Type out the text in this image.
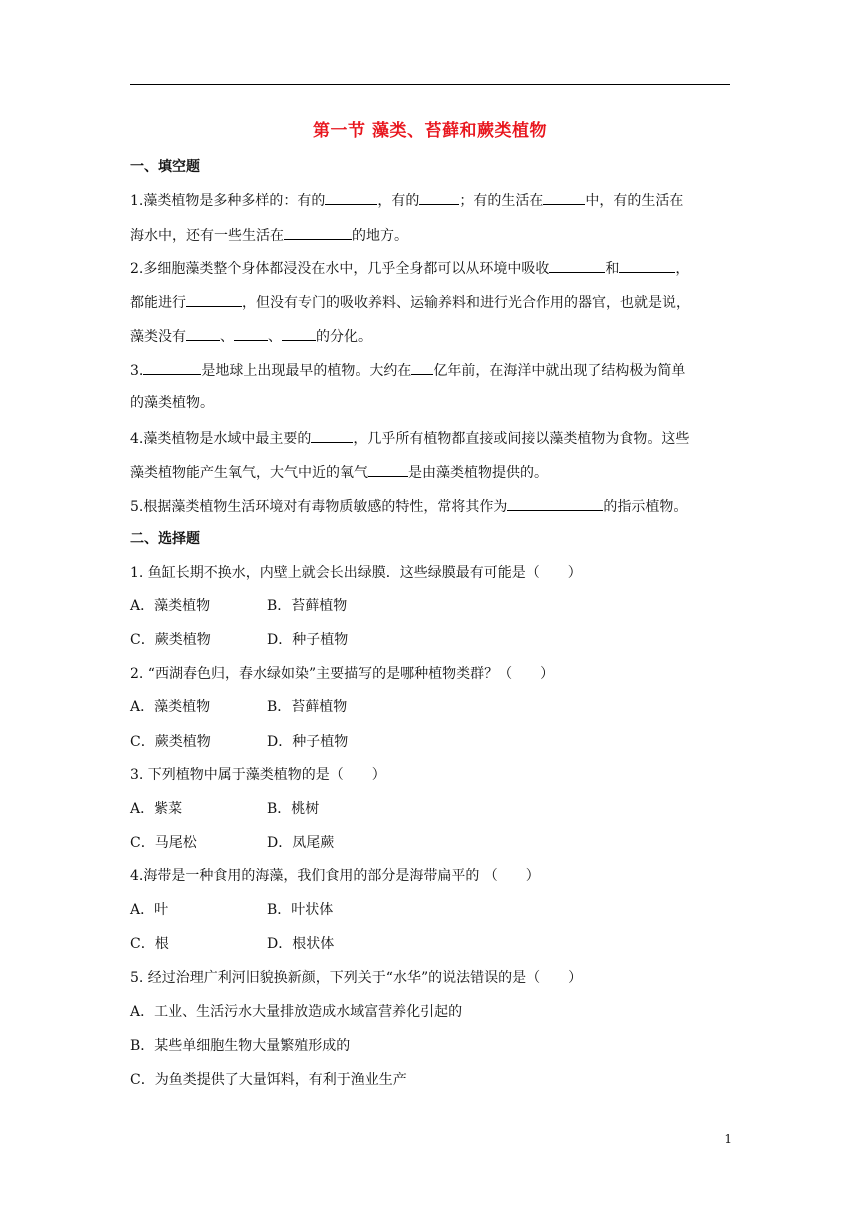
第一节 藻类、苔藓和蕨类植物
一、填空题
1.藻类植物是多种多样的：有的	，有的	；有的生活在	中，有的生活在
海水中，还有一些生活在	的地方。
2.多细胞藻类整个身体都浸没在水中，几乎全身都可以从环境中吸收	和	，
都能进行	，但没有专门的吸收养料、运输养料和进行光合作用的器官，也就是说，
藻类没有 、 、 的分化。
3.	是地球上出现最早的植物。大约在 亿年前，在海洋中就出现了结构极为简单
的藻类植物。
4.藻类植物是水域中最主要的	，几乎所有植物都直接或间接以藻类植物为食物。这些
藻类植物能产生氧气，大气中近的氧气	是由藻类植物提供的。
5.根据藻类植物生活环境对有毒物质敏感的特性，常将其作为	的指示植物。
二、选择题
1. 鱼缸长期不换水，内壁上就会长出绿膜．这些绿膜最有可能是（　　）
A．藻类植物	B．苔藓植物
C．蕨类植物	D．种子植物
2. “西湖春色归，春水绿如染”主要描写的是哪种植物类群？（　　）
A．藻类植物	B．苔藓植物
C．蕨类植物	D．种子植物
3. 下列植物中属于藻类植物的是（　　）
A．紫菜	B．桃树
C．马尾松	D．凤尾蕨
4.海带是一种食用的海藻，我们食用的部分是海带扁平的 （　　）
A．叶	B．叶状体
C．根	D．根状体
5. 经过治理广利河旧貌换新颜，下列关于“水华”的说法错误的是（　　）
A．工业、生活污水大量排放造成水域富营养化引起的
B．某些单细胞生物大量繁殖形成的
C．为鱼类提供了大量饵料，有利于渔业生产
1
